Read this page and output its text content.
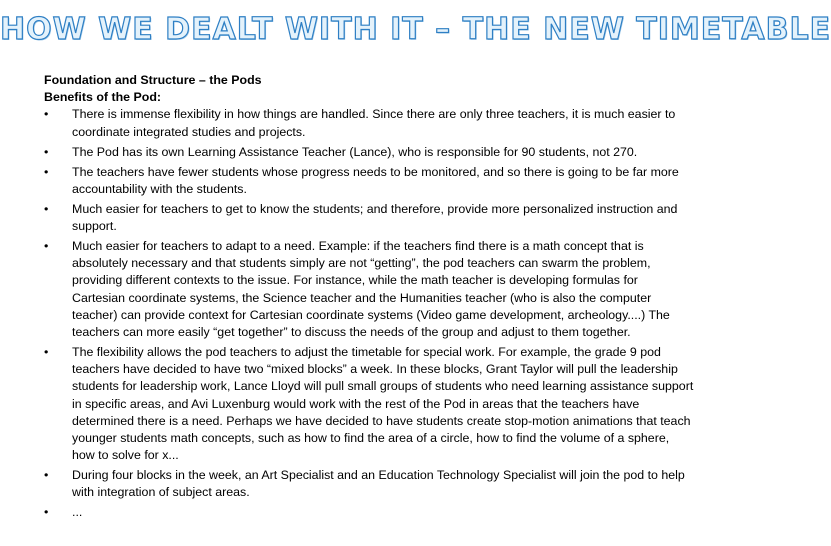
HOW WE DEALT WITH IT – THE NEW TIMETABLE

Foundation and Structure – the Pods

Benefits of the Pod:

•	There is immense flexibility in how things are handled. Since there are only three teachers, it is much easier to coordinate integrated studies and projects.
•	The Pod has its own Learning Assistance Teacher (Lance), who is responsible for 90 students, not 270.
•	The teachers have fewer students whose progress needs to be monitored, and so there is going to be far more accountability with the students.
•	Much easier for teachers to get to know the students; and therefore, provide more personalized instruction and support.
•	Much easier for teachers to adapt to a need. Example: if the teachers find there is a math concept that is absolutely necessary and that students simply are not “getting”, the pod teachers can swarm the problem, providing different contexts to the issue. For instance, while the math teacher is developing formulas for Cartesian coordinate systems, the Science teacher and the Humanities teacher (who is also the computer teacher) can provide context for Cartesian coordinate systems (Video game development, archeology....) The teachers can more easily “get together” to discuss the needs of the group and adjust to them together.
•	The flexibility allows the pod teachers to adjust the timetable for special work. For example, the grade 9 pod teachers have decided to have two “mixed blocks” a week. In these blocks, Grant Taylor will pull the leadership students for leadership work, Lance Lloyd will pull small groups of students who need learning assistance support in specific areas, and Avi Luxenburg would work with the rest of the Pod in areas that the teachers have determined there is a need. Perhaps we have decided to have students create stop-motion animations that teach younger students math concepts, such as how to find the area of a circle, how to find the volume of a sphere, how to solve for x...
•	During four blocks in the week, an Art Specialist and an Education Technology Specialist will join the pod to help with integration of subject areas.
•	...
